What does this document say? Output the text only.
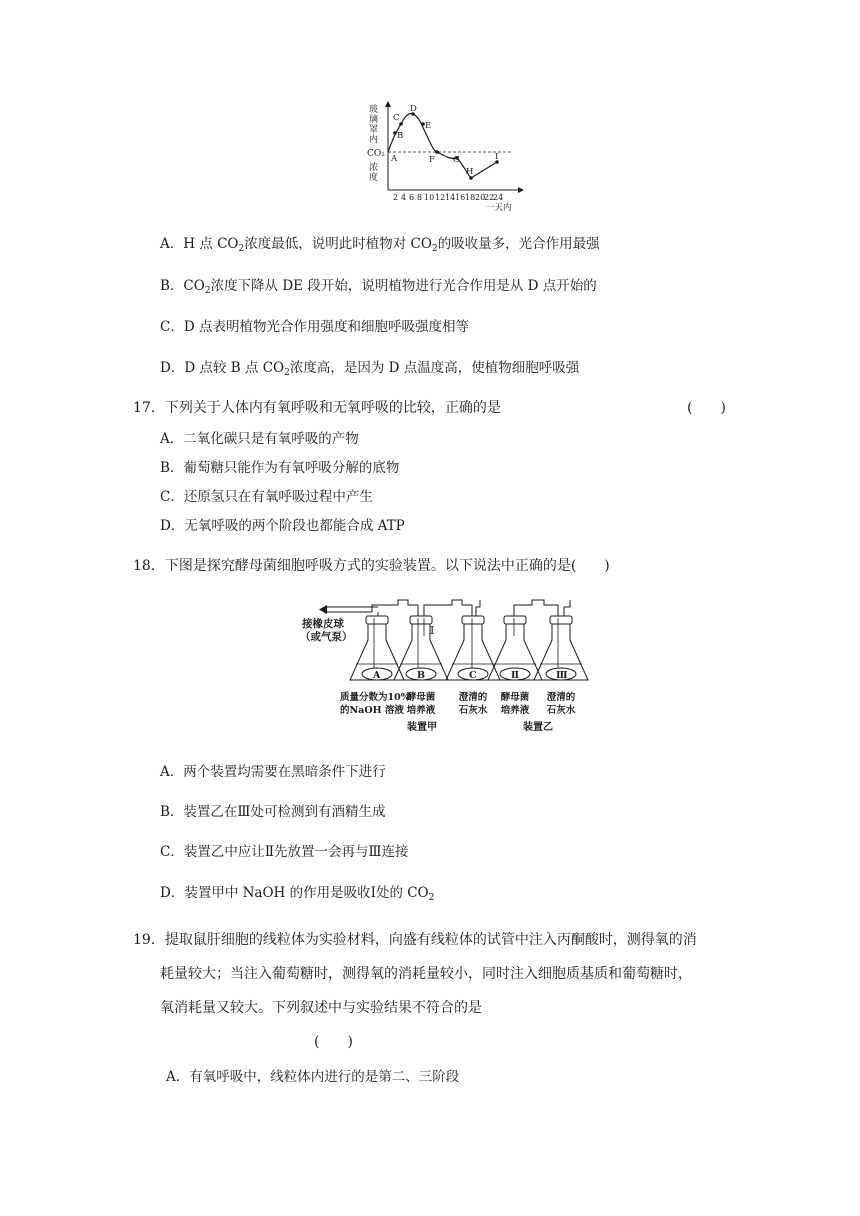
玻
璃
罩
内
CO₂
浓
度
A
B
C
D
E
F G
H
I
2 4 6 8 10 12 14 16 18 20
22
24
一天内
A．H 点 $CO_2$浓度最低，说明此时植物对 $CO_2$的吸收量多，光合作用最强
B．$CO_2$浓度下降从 DE 段开始，说明植物进行光合作用是从 D 点开始的
C．D 点表明植物光合作用强度和细胞呼吸强度相等
D．D 点较 B 点 $CO_2$浓度高，是因为 D 点温度高，使植物细胞呼吸强
17．下列关于人体内有氧呼吸和无氧呼吸的比较，正确的是	(　　)
A．二氧化碳只是有氧呼吸的产物
B．葡萄糖只能作为有氧呼吸分解的底物
C．还原氢只在有氧呼吸过程中产生
D．无氧呼吸的两个阶段也都能合成 ATP
18．下图是探究酵母菌细胞呼吸方式的实验装置。以下说法中正确的是(　　)
接橡皮球
（或气泵）	Ⅰ
A	B	C	Ⅱ	Ⅲ
质量分数为10%
的NaOH 溶液
酵母菌
培养液
澄清的
石灰水
酵母菌
培养液
澄清的
石灰水
装置甲	装置乙
A．两个装置均需要在黑暗条件下进行
B．装置乙在Ⅲ处可检测到有酒精生成
C．装置乙中应让Ⅱ先放置一会再与Ⅲ连接
D．装置甲中 NaOH 的作用是吸收Ⅰ处的 $CO_2$
19．提取鼠肝细胞的线粒体为实验材料，向盛有线粒体的试管中注入丙酮酸时，测得氧的消
耗量较大；当注入葡萄糖时，测得氧的消耗量较小，同时注入细胞质基质和葡萄糖时，
氧消耗量又较大。下列叙述中与实验结果不符合的是
(　　)
A．有氧呼吸中，线粒体内进行的是第二、三阶段
